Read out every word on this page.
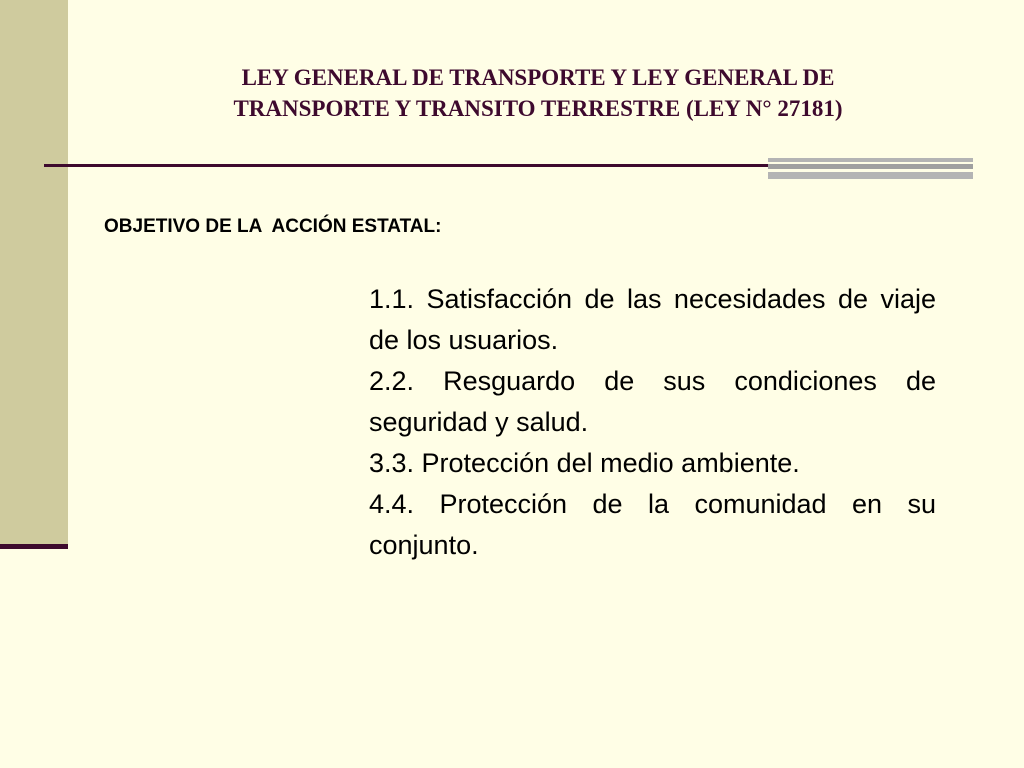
LEY GENERAL DE TRANSPORTE Y LEY GENERAL DE
TRANSPORTE Y TRANSITO TERRESTRE (LEY N° 27181)
OBJETIVO DE LA  ACCIÓN ESTATAL:
1.1. Satisfacción de las necesidades de viaje de los usuarios.
2.2. Resguardo de sus condiciones de seguridad y salud.
3.3. Protección del medio ambiente.
4.4. Protección de la comunidad en su conjunto.
